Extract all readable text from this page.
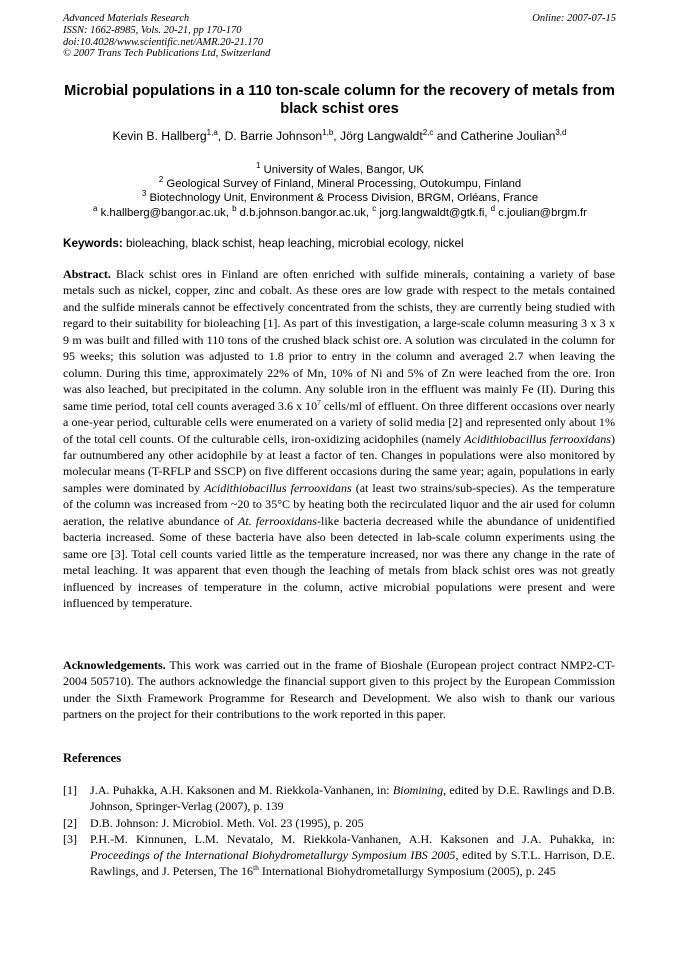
Advanced Materials Research
ISSN: 1662-8985, Vols. 20-21, pp 170-170
doi:10.4028/www.scientific.net/AMR.20-21.170
© 2007 Trans Tech Publications Ltd, Switzerland
Online: 2007-07-15
Microbial populations in a 110 ton-scale column for the recovery of metals from black schist ores
Kevin B. Hallberg$^{1,a}$, D. Barrie Johnson$^{1,b}$, Jörg Langwaldt$^{2,c}$ and Catherine Joulian$^{3,d}$
$^1$ University of Wales, Bangor, UK
$^2$ Geological Survey of Finland, Mineral Processing, Outokumpu, Finland
$^3$ Biotechnology Unit, Environment & Process Division, BRGM, Orléans, France
$^a$ k.hallberg@bangor.ac.uk, $^b$ d.b.johnson.bangor.ac.uk, $^c$ jorg.langwaldt@gtk.fi, $^d$ c.joulian@brgm.fr
Keywords: bioleaching, black schist, heap leaching, microbial ecology, nickel

Abstract. Black schist ores in Finland are often enriched with sulfide minerals, containing a variety of base metals such as nickel, copper, zinc and cobalt. As these ores are low grade with respect to the metals contained and the sulfide minerals cannot be effectively concentrated from the schists, they are currently being studied with regard to their suitability for bioleaching [1]. As part of this investigation, a large-scale column measuring 3 x 3 x 9 m was built and filled with 110 tons of the crushed black schist ore. A solution was circulated in the column for 95 weeks; this solution was adjusted to 1.8 prior to entry in the column and averaged 2.7 when leaving the column. During this time, approximately 22% of Mn, 10% of Ni and 5% of Zn were leached from the ore. Iron was also leached, but precipitated in the column. Any soluble iron in the effluent was mainly Fe (II). During this same time period, total cell counts averaged 3.6 x $10^7$ cells/ml of effluent. On three different occasions over nearly a one-year period, culturable cells were enumerated on a variety of solid media [2] and represented only about 1% of the total cell counts. Of the culturable cells, iron-oxidizing acidophiles (namely Acidithiobacillus ferrooxidans) far outnumbered any other acidophile by at least a factor of ten. Changes in populations were also monitored by molecular means (T-RFLP and SSCP) on five different occasions during the same year; again, populations in early samples were dominated by Acidithiobacillus ferrooxidans (at least two strains/sub-species). As the temperature of the column was increased from ~20 to 35°C by heating both the recirculated liquor and the air used for column aeration, the relative abundance of At. ferrooxidans-like bacteria decreased while the abundance of unidentified bacteria increased. Some of these bacteria have also been detected in lab-scale column experiments using the same ore [3]. Total cell counts varied little as the temperature increased, nor was there any change in the rate of metal leaching. It was apparent that even though the leaching of metals from black schist ores was not greatly influenced by increases of temperature in the column, active microbial populations were present and were influenced by temperature.

Acknowledgements. This work was carried out in the frame of Bioshale (European project contract NMP2-CT-2004 505710). The authors acknowledge the financial support given to this project by the European Commission under the Sixth Framework Programme for Research and Development. We also wish to thank our various partners on the project for their contributions to the work reported in this paper.

References
[1] J.A. Puhakka, A.H. Kaksonen and M. Riekkola-Vanhanen, in: Biomining, edited by D.E. Rawlings and D.B. Johnson, Springer-Verlag (2007), p. 139
[2] D.B. Johnson: J. Microbiol. Meth. Vol. 23 (1995), p. 205
[3] P.H.-M. Kinnunen, L.M. Nevatalo, M. Riekkola-Vanhanen, A.H. Kaksonen and J.A. Puhakka, in: Proceedings of the International Biohydrometallurgy Symposium IBS 2005, edited by S.T.L. Harrison, D.E. Rawlings, and J. Petersen, The 16th International Biohydrometallurgy Symposium (2005), p. 245
